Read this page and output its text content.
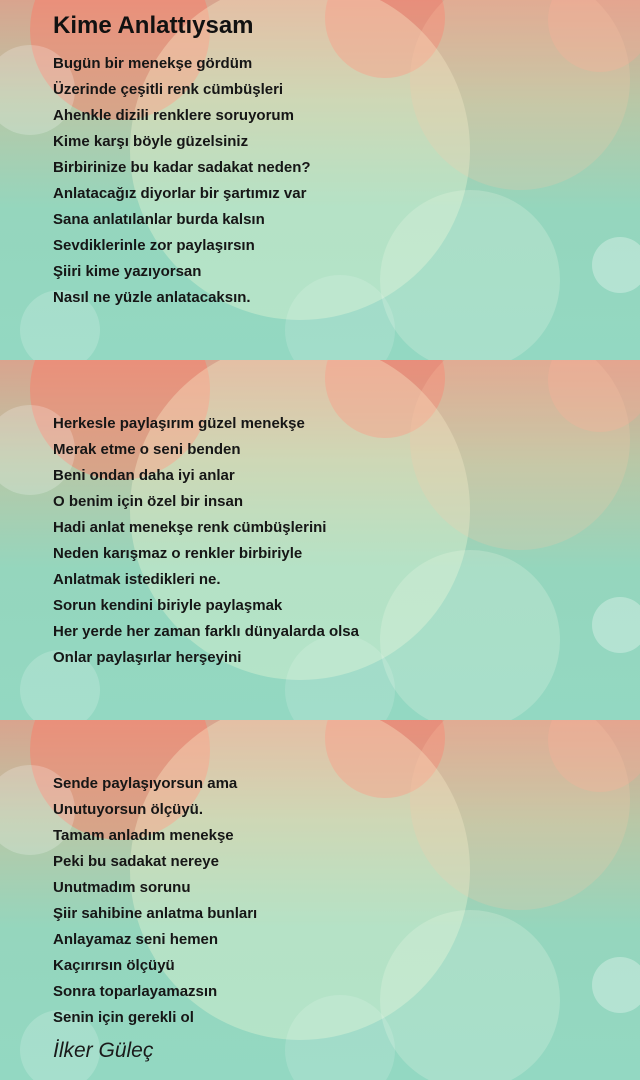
Kime Anlattıysam
Bugün bir menekşe gördüm
Üzerinde çeşitli renk cümbüşleri
Ahenkle dizili renklere soruyorum
Kime karşı böyle güzelsiniz
Birbirinize bu kadar sadakat neden?
Anlatacağız diyorlar bir şartımız var
Sana anlatılanlar burda kalsın
Sevdiklerinle zor paylaşırsın
Şiiri kime yazıyorsan
Nasıl ne yüzle anlatacaksın.
Herkesle paylaşırım güzel menekşe
Merak etme o seni benden
Beni ondan daha iyi anlar
O benim için özel bir insan
Hadi anlat menekşe renk cümbüşlerini
Neden karışmaz o renkler birbiriyle
Anlatmak istedikleri ne.
Sorun kendini biriyle paylaşmak
Her yerde her zaman farklı dünyalarda olsa
Onlar paylaşırlar herşeyini
Sende paylaşıyorsun ama
Unutuyorsun ölçüyü.
Tamam anladım menekşe
Peki bu sadakat nereye
Unutmadım sorunu
Şiir sahibine anlatma bunları
Anlayamaz seni hemen
Kaçırırsın ölçüyü
Sonra toparlayamazsın
Senin için gerekli ol
İlker Güleç
